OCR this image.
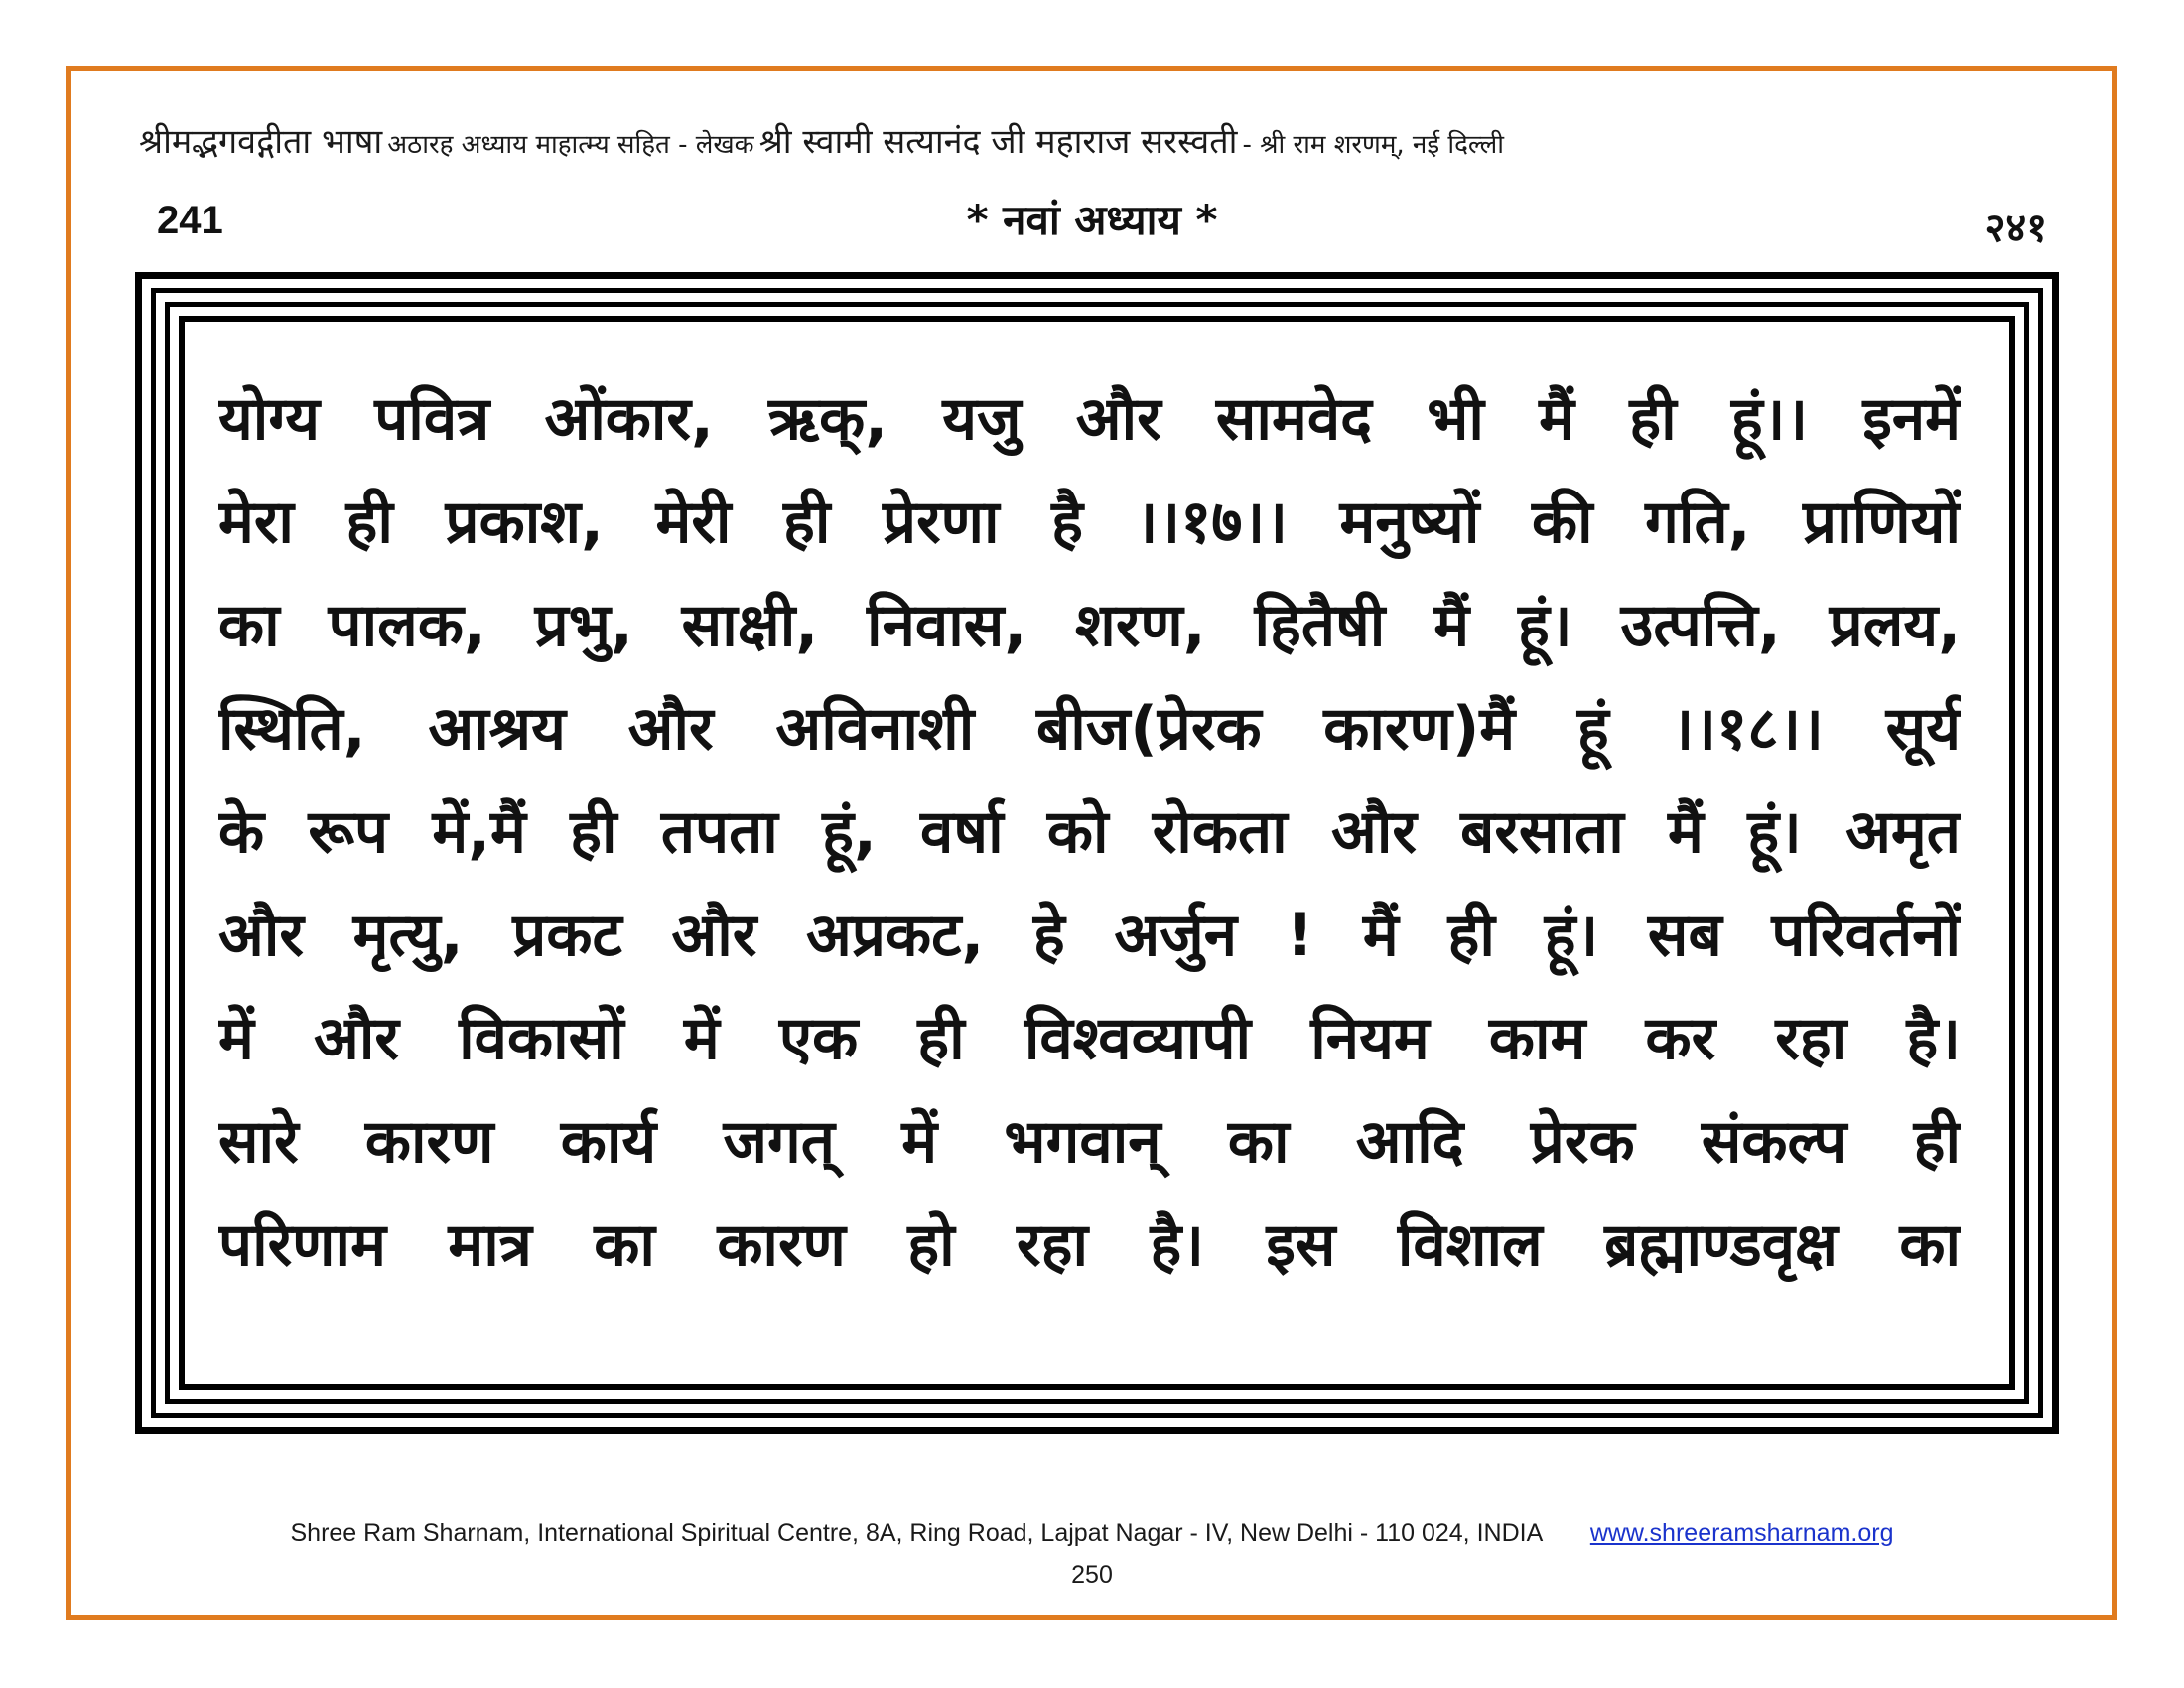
श्रीमद्भगवद्गीता भाषा अठारह अध्याय माहात्म्य सहित - लेखक श्री स्वामी सत्यानंद जी महाराज सरस्वती - श्री राम शरणम्, नई दिल्ली
241	* नवां अध्याय *	२४१
योग्य पवित्र ओंकार, ऋक्, यजु और सामवेद भी मैं ही हूं।। इनमें
मेरा ही प्रकाश, मेरी ही प्रेरणा है ।।१७।। मनुष्यों की गति, प्राणियों
का पालक, प्रभु, साक्षी, निवास, शरण, हितैषी मैं हूं। उत्पत्ति, प्रलय,
स्थिति, आश्रय और अविनाशी बीज(प्रेरक कारण)मैं हूं ।।१८।। सूर्य
के रूप में,मैं ही तपता हूं, वर्षा को रोकता और बरसाता मैं हूं। अमृत
और मृत्यु, प्रकट और अप्रकट, हे अर्जुन ! मैं ही हूं। सब परिवर्तनों
में और विकासों में एक ही विश्वव्यापी नियम काम कर रहा है।
सारे कारण कार्य जगत् में भगवान् का आदि प्रेरक संकल्प ही
परिणाम मात्र का कारण हो रहा है। इस विशाल ब्रह्माण्डवृक्ष का
Shree Ram Sharnam, International Spiritual Centre, 8A, Ring Road, Lajpat Nagar - IV, New Delhi - 110 024, INDIA www.shreeramsharnam.org
250
